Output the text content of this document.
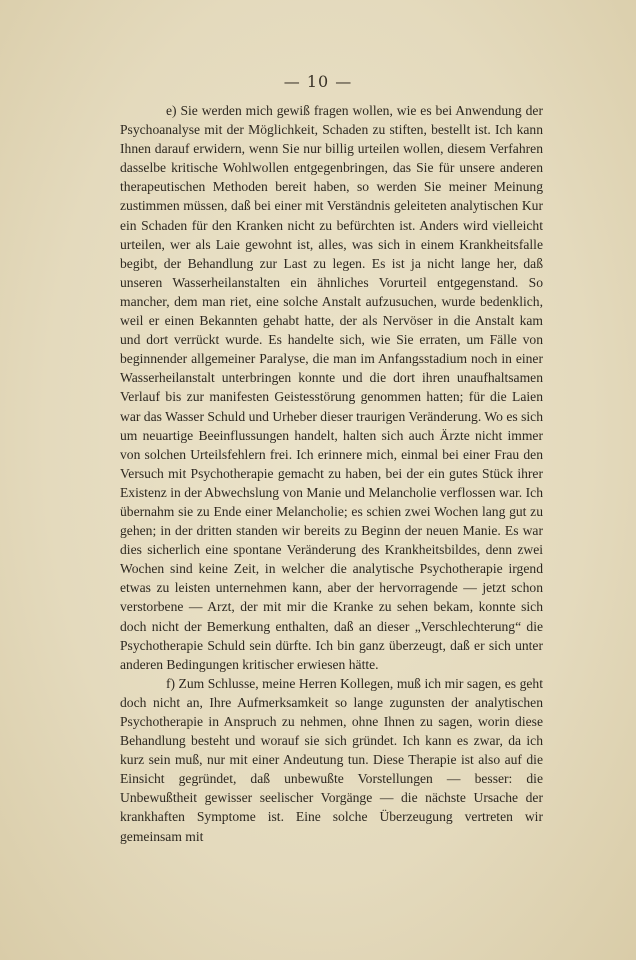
— 10 —

e) Sie werden mich gewiß fragen wollen, wie es bei Anwendung der Psychoanalyse mit der Möglichkeit, Schaden zu stiften, bestellt ist. Ich kann Ihnen darauf erwidern, wenn Sie nur billig urteilen wollen, diesem Verfahren dasselbe kritische Wohlwollen entgegenbringen, das Sie für unsere anderen therapeutischen Methoden bereit haben, so werden Sie meiner Meinung zustimmen müssen, daß bei einer mit Verständnis geleiteten analytischen Kur ein Schaden für den Kranken nicht zu befürchten ist. Anders wird vielleicht urteilen, wer als Laie gewohnt ist, alles, was sich in einem Krankheitsfalle begibt, der Behandlung zur Last zu legen. Es ist ja nicht lange her, daß unseren Wasserheilanstalten ein ähnliches Vorurteil entgegenstand. So mancher, dem man riet, eine solche Anstalt aufzusuchen, wurde bedenklich, weil er einen Bekannten gehabt hatte, der als Nervöser in die Anstalt kam und dort verrückt wurde. Es handelte sich, wie Sie erraten, um Fälle von beginnender allgemeiner Paralyse, die man im Anfangsstadium noch in einer Wasserheilanstalt unterbringen konnte und die dort ihren unaufhaltsamen Verlauf bis zur manifesten Geistesstörung genommen hatten; für die Laien war das Wasser Schuld und Urheber dieser traurigen Veränderung. Wo es sich um neuartige Beeinflussungen handelt, halten sich auch Ärzte nicht immer von solchen Urteilsfehlern frei. Ich erinnere mich, einmal bei einer Frau den Versuch mit Psychotherapie gemacht zu haben, bei der ein gutes Stück ihrer Existenz in der Abwechslung von Manie und Melancholie verflossen war. Ich übernahm sie zu Ende einer Melancholie; es schien zwei Wochen lang gut zu gehen; in der dritten standen wir bereits zu Beginn der neuen Manie. Es war dies sicherlich eine spontane Veränderung des Krankheitsbildes, denn zwei Wochen sind keine Zeit, in welcher die analytische Psychotherapie irgend etwas zu leisten unternehmen kann, aber der hervorragende — jetzt schon verstorbene — Arzt, der mit mir die Kranke zu sehen bekam, konnte sich doch nicht der Bemerkung enthalten, daß an dieser „Verschlechterung“ die Psychotherapie Schuld sein dürfte. Ich bin ganz überzeugt, daß er sich unter anderen Bedingungen kritischer erwiesen hätte.

f) Zum Schlusse, meine Herren Kollegen, muß ich mir sagen, es geht doch nicht an, Ihre Aufmerksamkeit so lange zugunsten der analytischen Psychotherapie in Anspruch zu nehmen, ohne Ihnen zu sagen, worin diese Behandlung besteht und worauf sie sich gründet. Ich kann es zwar, da ich kurz sein muß, nur mit einer Andeutung tun. Diese Therapie ist also auf die Einsicht gegründet, daß unbewußte Vorstellungen — besser: die Unbewußtheit gewisser seelischer Vorgänge — die nächste Ursache der krankhaften Symptome ist. Eine solche Überzeugung vertreten wir gemeinsam mit
